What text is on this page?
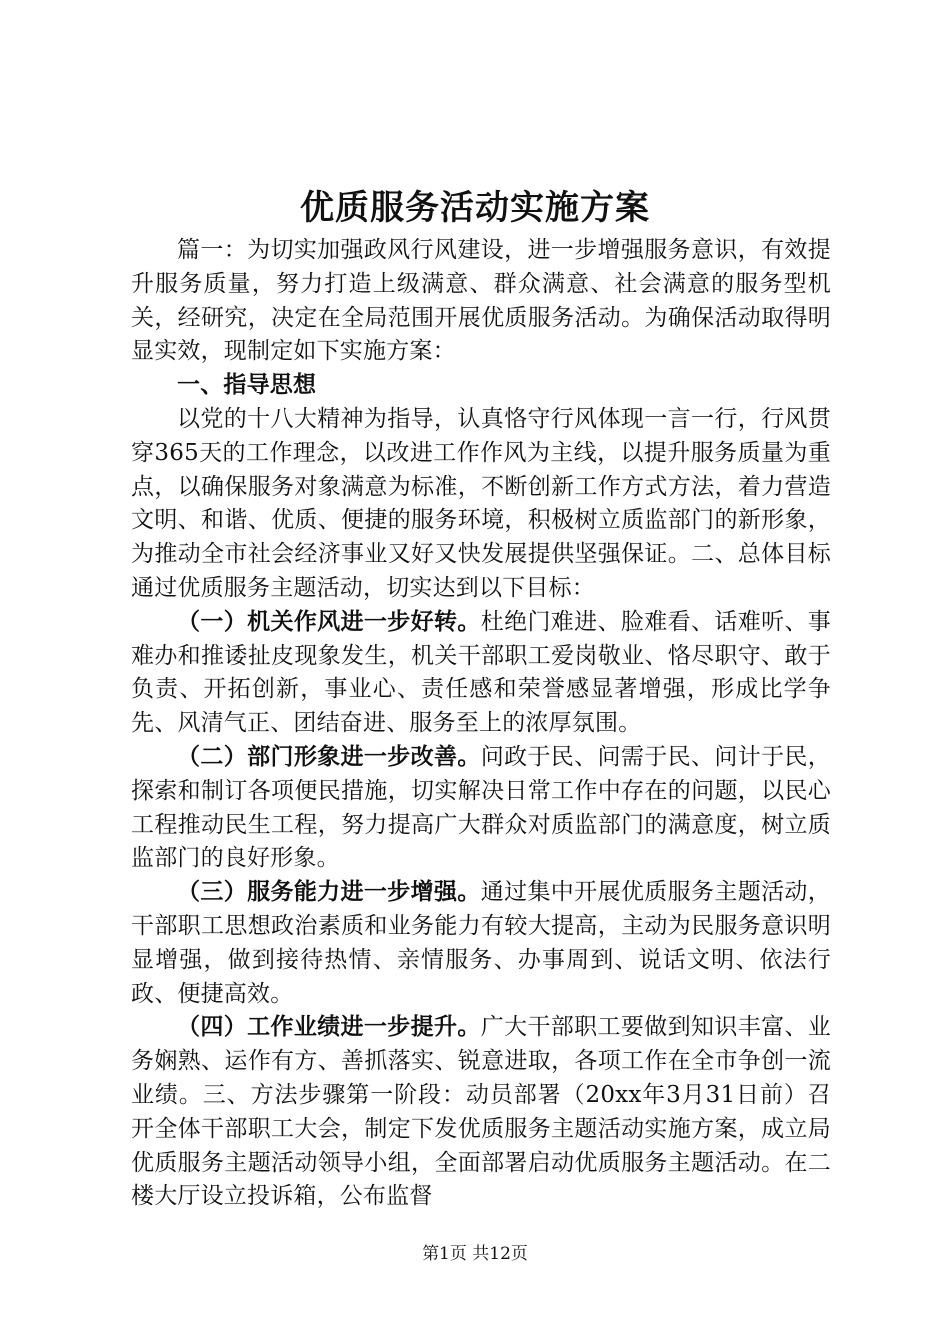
优质服务活动实施方案

篇一：为切实加强政风行风建设，进一步增强服务意识，有效提升服务质量，努力打造上级满意、群众满意、社会满意的服务型机关，经研究，决定在全局范围开展优质服务活动。为确保活动取得明显实效，现制定如下实施方案：

一、指导思想

以党的十八大精神为指导，认真恪守行风体现一言一行，行风贯穿365天的工作理念，以改进工作作风为主线，以提升服务质量为重点，以确保服务对象满意为标准，不断创新工作方式方法，着力营造文明、和谐、优质、便捷的服务环境，积极树立质监部门的新形象，为推动全市社会经济事业又好又快发展提供坚强保证。二、总体目标通过优质服务主题活动，切实达到以下目标：

（一）机关作风进一步好转。杜绝门难进、脸难看、话难听、事难办和推诿扯皮现象发生，机关干部职工爱岗敬业、恪尽职守、敢于负责、开拓创新，事业心、责任感和荣誉感显著增强，形成比学争先、风清气正、团结奋进、服务至上的浓厚氛围。

（二）部门形象进一步改善。问政于民、问需于民、问计于民，探索和制订各项便民措施，切实解决日常工作中存在的问题，以民心工程推动民生工程，努力提高广大群众对质监部门的满意度，树立质监部门的良好形象。

（三）服务能力进一步增强。通过集中开展优质服务主题活动，干部职工思想政治素质和业务能力有较大提高，主动为民服务意识明显增强，做到接待热情、亲情服务、办事周到、说话文明、依法行政、便捷高效。

（四）工作业绩进一步提升。广大干部职工要做到知识丰富、业务娴熟、运作有方、善抓落实、锐意进取，各项工作在全市争创一流业绩。三、方法步骤第一阶段：动员部署（20xx年3月31日前）召开全体干部职工大会，制定下发优质服务主题活动实施方案，成立局优质服务主题活动领导小组，全面部署启动优质服务主题活动。在二楼大厅设立投诉箱，公布监督

第1页 共12页
